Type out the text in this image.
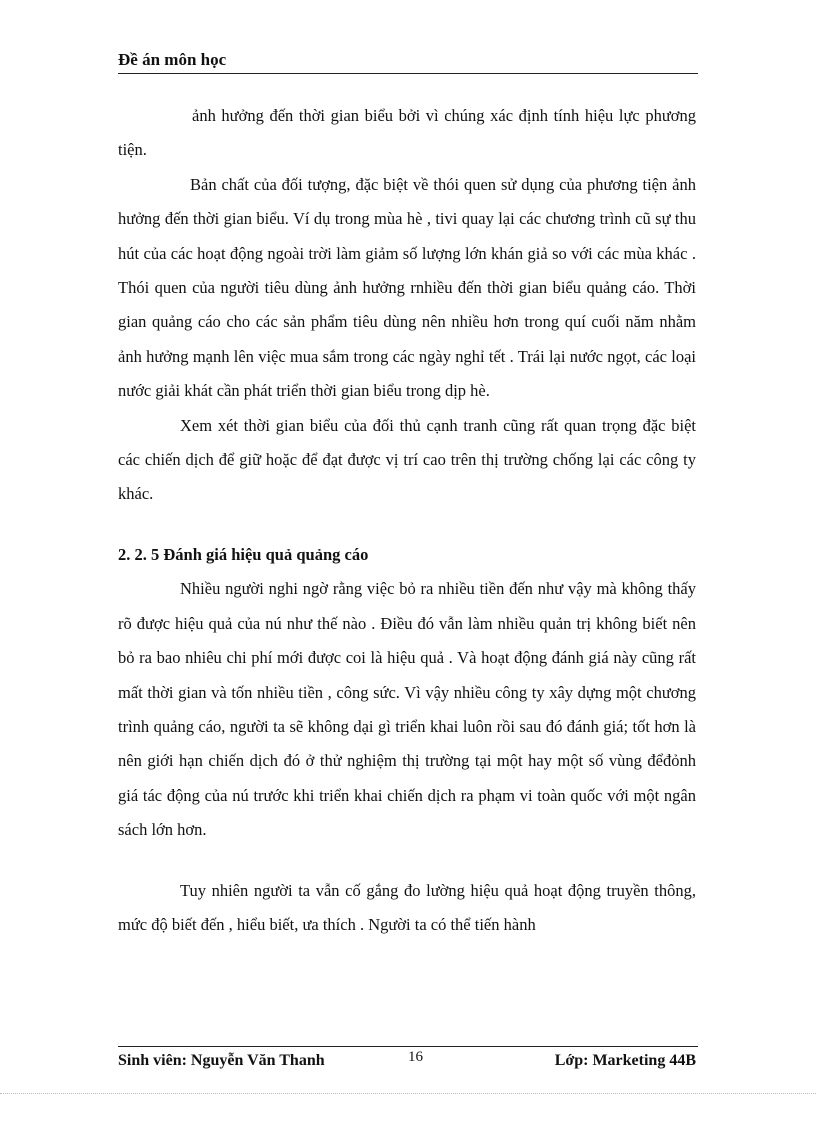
Đề án môn học

ảnh hưởng đến thời gian biểu bởi vì chúng xác định tính hiệu lực phương tiện.

Bản chất của đối tượng, đặc biệt về thói quen sử dụng của phương tiện ảnh hưởng đến thời gian biểu. Ví dụ trong mùa hè , tivi quay lại các chương trình cũ sự thu hút của các hoạt động ngoài trời làm giảm số lượng lớn khán giả so với các mùa khác . Thói quen của người tiêu dùng ảnh hưởng rnhiều đến thời gian biểu quảng cáo. Thời gian quảng cáo cho các sản phẩm tiêu dùng nên nhiều hơn trong quí cuối năm nhằm ảnh hưởng mạnh lên việc mua sắm trong các ngày nghỉ tết . Trái lại nước ngọt, các loại nước giải khát cần phát triển thời gian biểu trong dịp hè.

Xem xét thời gian biểu của đối thủ cạnh tranh cũng rất quan trọng đặc biệt các chiến dịch để giữ hoặc để đạt được vị trí cao trên thị trường chống lại các công ty khác.

2. 2. 5 Đánh giá hiệu quả quảng cáo

Nhiều người nghi ngờ rằng việc bỏ ra nhiều tiền đến như vậy mà không thấy rõ được hiệu quả của nú như thế nào . Điều đó vẫn làm nhiều quản trị không biết nên bỏ ra bao nhiêu chi phí mới được coi là hiệu quả . Và hoạt động đánh giá này cũng rất mất thời gian và tốn nhiều tiền , công sức. Vì vậy nhiều công ty xây dựng một chương trình quảng cáo, người ta sẽ không dại gì triển khai luôn rồi sau đó đánh giá; tốt hơn là nên giới hạn chiến dịch đó ở thử nghiệm thị trường tại một hay một số vùng đểđỏnh giá tác động của nú trước khi triển khai chiến dịch ra phạm vi toàn quốc với một ngân sách lớn hơn.

Tuy nhiên người ta vẫn cố gắng đo lường hiệu quả hoạt động truyền thông, mức độ biết đến , hiểu biết, ưa thích . Người ta có thể tiến hành

Sinh viên: Nguyễn Văn Thanh	16	Lớp: Marketing 44B
